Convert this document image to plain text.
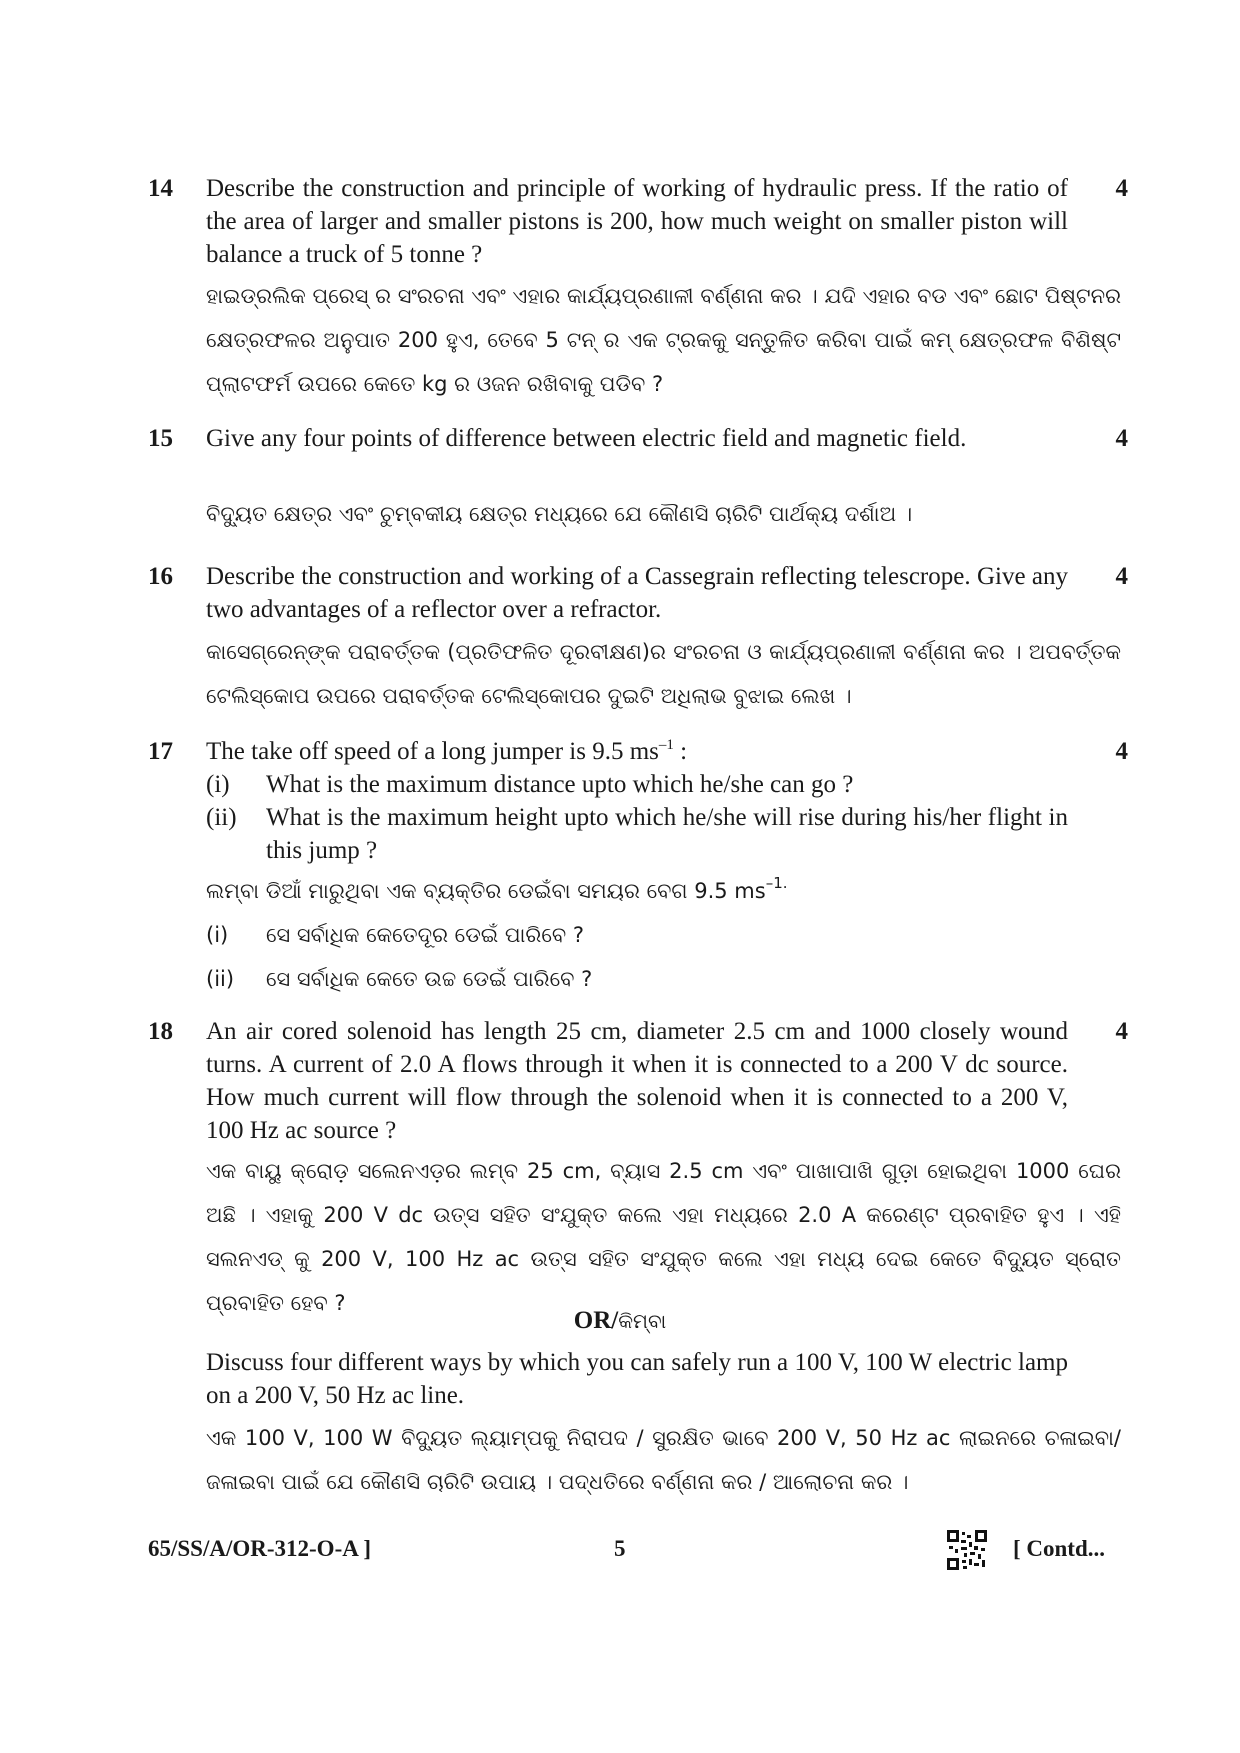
14	4

Describe the construction and principle of working of hydraulic press. If the ratio of the area of larger and smaller pistons is 200, how much weight on smaller piston will balance a truck of 5 tonne ?

ହାଇଡ୍ରଲିକ ପ୍ରେସ୍ ର ସଂରଚନା ଏବଂ ଏହାର କାର୍ଯ୍ୟପ୍ରଣାଳୀ ବର୍ଣ୍ଣନା କର । ଯଦି ଏହାର ବଡ ଏବଂ ଛୋଟ ପିଷ୍ଟନର କ୍ଷେତ୍ରଫଳର ଅନୁପାତ 200 ହୁଏ, ତେବେ 5 ଟନ୍ ର ଏକ ଟ୍ରକକୁ ସନ୍ତୁଳିତ କରିବା ପାଇଁ କମ୍ କ୍ଷେତ୍ରଫଳ ବିଶିଷ୍ଟ ପ୍ଲାଟଫର୍ମ ଉପରେ କେତେ kg ର ଓଜନ ରଖିବାକୁ ପଡିବ ?

15	4

Give any four points of difference between electric field and magnetic field.

ବିଦ୍ୟୁତ କ୍ଷେତ୍ର ଏବଂ ଚୁମ୍ବକୀୟ କ୍ଷେତ୍ର ମଧ୍ୟରେ ଯେ କୌଣସି ଚାରିଟି ପାର୍ଥକ୍ୟ ଦର୍ଶାଅ ।

16	4

Describe the construction and working of a Cassegrain reflecting telescrope. Give any two advantages of a reflector over a refractor.

କାସେଗ୍ରେନ୍‌ଙ୍କ ପରାବର୍ତ୍ତକ (ପ୍ରତିଫଳିତ ଦୂରବୀକ୍ଷଣ)ର ସଂରଚନା ଓ କାର୍ଯ୍ୟପ୍ରଣାଳୀ ବର୍ଣ୍ଣନା କର । ଅପବର୍ତ୍ତକ ଟେଲିସ୍କୋପ ଉପରେ ପରାବର୍ତ୍ତକ ଟେଲିସ୍କୋପର ଦୁଇଟି ଅଧିଲାଭ ବୁଝାଇ ଲେଖ ।

17	4

The take off speed of a long jumper is 9.5 $ms^{-1}$ :

(i)	What is the maximum distance upto which he/she can go ?
(ii)	What is the maximum height upto which he/she will rise during his/her flight in this jump ?

ଲମ୍ବା ଡିଆଁ ମାରୁଥିବା ଏକ ବ୍ୟକ୍ତିର ଡେଇଁବା ସମୟର ବେଗ 9.5 $ms^{-1.}$

(i)	ସେ ସର୍ବାଧିକ କେତେଦୂର ଡେଇଁ ପାରିବେ ?
(ii)	ସେ ସର୍ବାଧିକ କେତେ ଉଚ୍ଚ ଡେଇଁ ପାରିବେ ?
18	4

An air cored solenoid has length 25 cm, diameter 2.5 cm and 1000 closely wound turns. A current of 2.0 A flows through it when it is connected to a 200 V dc source. How much current will flow through the solenoid when it is connected to a 200 V, 100 Hz ac source ?

ଏକ ବାୟୁ କ୍ରୋଡ଼ ସଲେନଏଡ଼ର ଲମ୍ବ 25 cm, ବ୍ୟାସ 2.5 cm ଏବଂ ପାଖାପାଖି ଗୁଡ଼ା ହୋଇଥିବା 1000 ଘେର ଅଛି । ଏହାକୁ 200 V dc ଉତ୍ସ ସହିତ ସଂଯୁକ୍ତ କଲେ ଏହା ମଧ୍ୟରେ 2.0 A କରେଣ୍ଟ ପ୍ରବାହିତ ହୁଏ । ଏହି ସଲନଏଡ୍ କୁ 200 V, 100 Hz ac ଉତ୍ସ ସହିତ ସଂଯୁକ୍ତ କଲେ ଏହା ମଧ୍ୟ ଦେଇ କେତେ ବିଦ୍ୟୁତ ସ୍ରୋତ ପ୍ରବାହିତ ହେବ ?

OR/କିମ୍ବା

Discuss four different ways by which you can safely run a 100 V, 100 W electric lamp on a 200 V, 50 Hz ac line.

ଏକ 100 V, 100 W ବିଦ୍ୟୁତ ଲ୍ୟାମ୍ପକୁ ନିରାପଦ / ସୁରକ୍ଷିତ ଭାବେ 200 V, 50 Hz ac ଲାଇନରେ ଚଳାଇବା/ଜଳାଇବା ପାଇଁ ଯେ କୌଣସି ଚାରିଟି ଉପାୟ । ପଦ୍ଧତିରେ ବର୍ଣ୍ଣନା କର / ଆଲୋଚନା କର ।

65/SS/A/OR-312-O-A ]	5	[ Contd...
